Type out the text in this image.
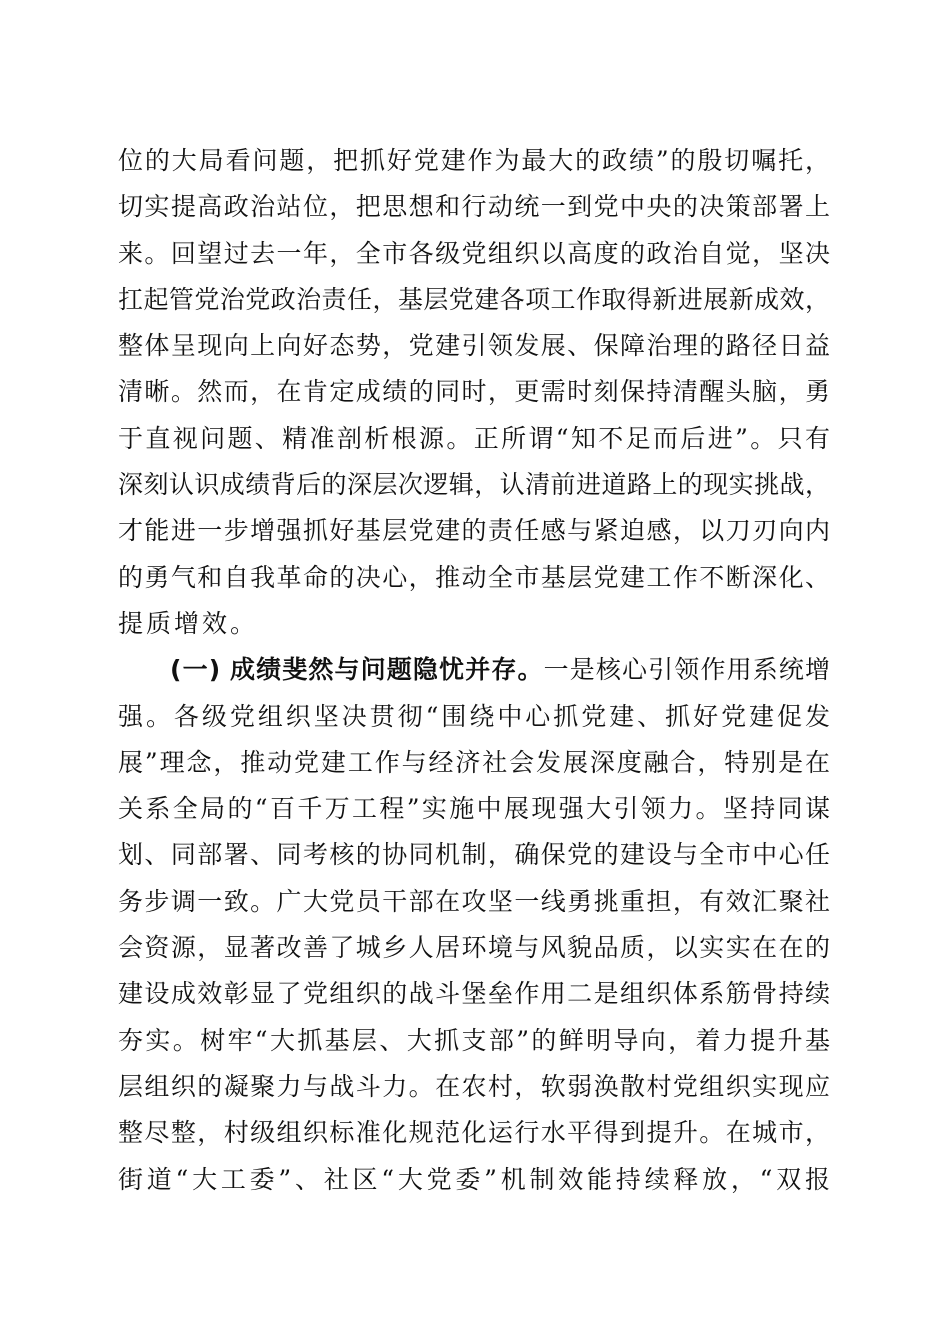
位的大局看问题，把抓好党建作为最大的政绩”的殷切嘱托，
切实提高政治站位，把思想和行动统一到党中央的决策部署上
来。回望过去一年，全市各级党组织以高度的政治自觉，坚决
扛起管党治党政治责任，基层党建各项工作取得新进展新成效，
整体呈现向上向好态势，党建引领发展、保障治理的路径日益
清晰。然而，在肯定成绩的同时，更需时刻保持清醒头脑，勇
于直视问题、精准剖析根源。正所谓“知不足而后进”。只有
深刻认识成绩背后的深层次逻辑，认清前进道路上的现实挑战，
才能进一步增强抓好基层党建的责任感与紧迫感，以刀刃向内
的勇气和自我革命的决心，推动全市基层党建工作不断深化、
提质增效。
(一) 成绩斐然与问题隐忧并存。一是核心引领作用系统增
强。各级党组织坚决贯彻“围绕中心抓党建、抓好党建促发
展”理念，推动党建工作与经济社会发展深度融合，特别是在
关系全局的“百千万工程”实施中展现强大引领力。坚持同谋
划、同部署、同考核的协同机制，确保党的建设与全市中心任
务步调一致。广大党员干部在攻坚一线勇挑重担，有效汇聚社
会资源，显著改善了城乡人居环境与风貌品质，以实实在在的
建设成效彰显了党组织的战斗堡垒作用二是组织体系筋骨持续
夯实。树牢“大抓基层、大抓支部”的鲜明导向，着力提升基
层组织的凝聚力与战斗力。在农村，软弱涣散村党组织实现应
整尽整，村级组织标准化规范化运行水平得到提升。在城市，
街道“大工委”、社区“大党委”机制效能持续释放，“双报
